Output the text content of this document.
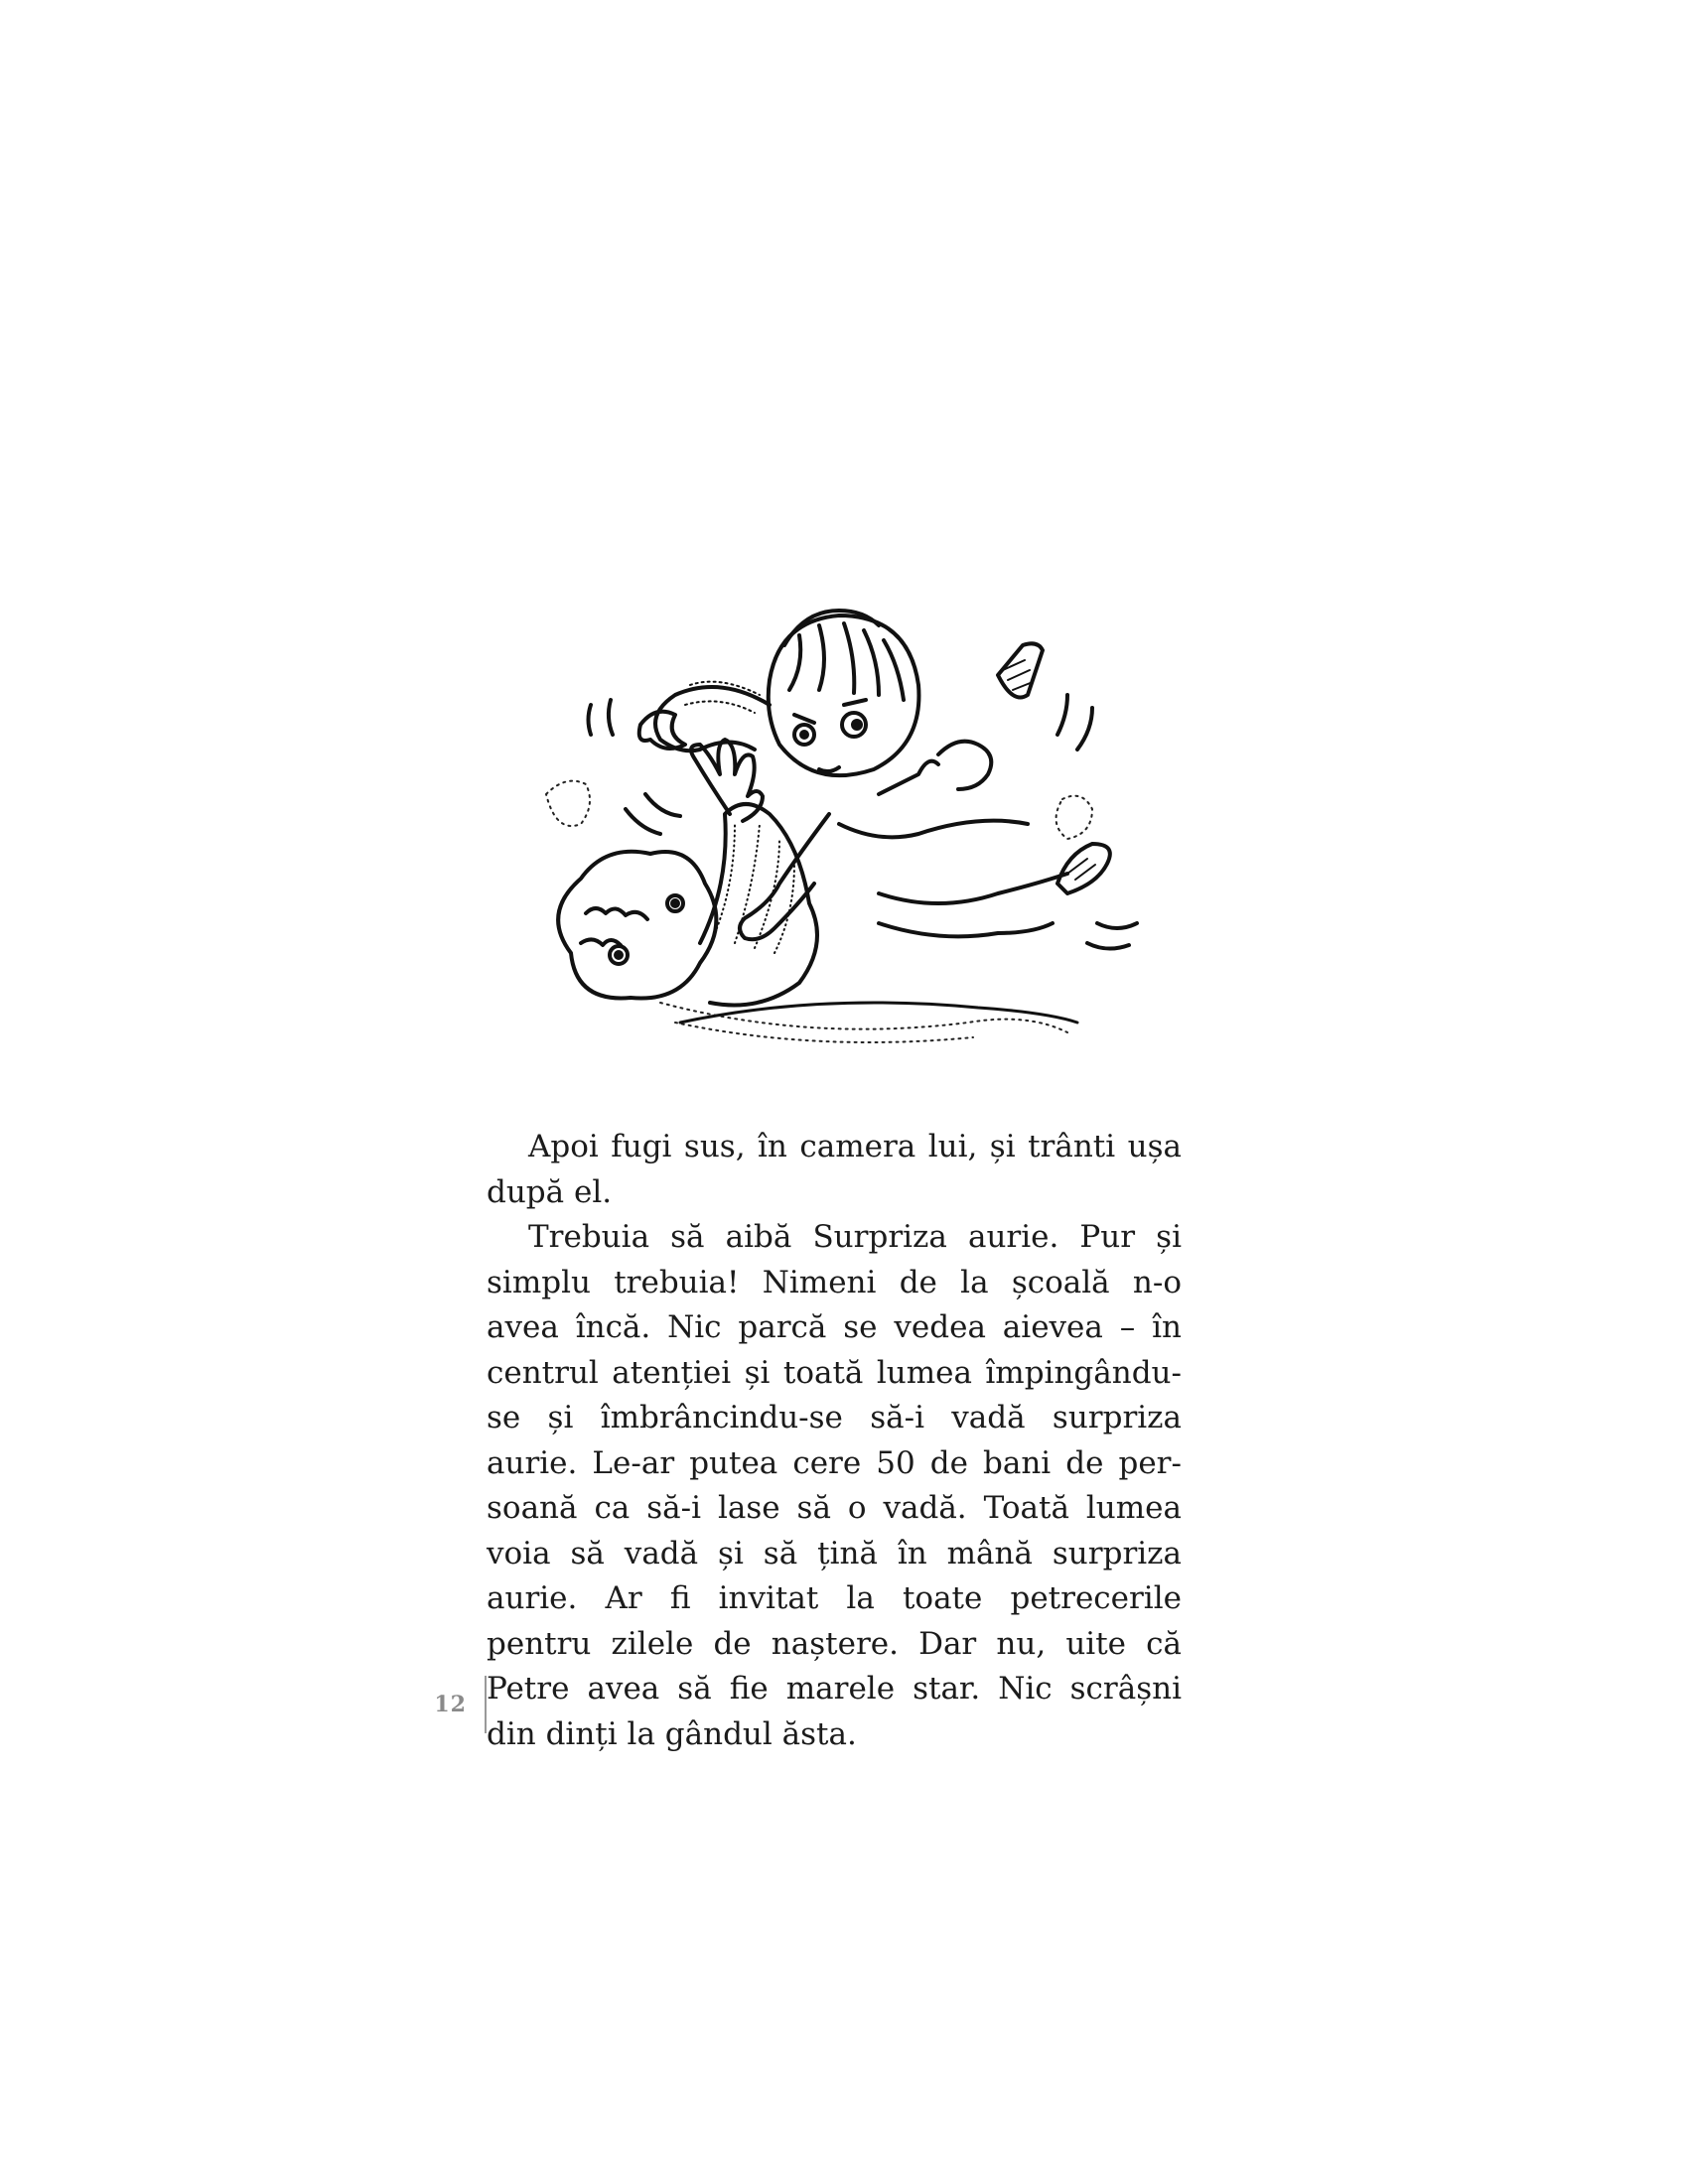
Apoi fugi sus, în camera lui, și trânti ușa după el.

Trebuia să aibă Surpriza aurie. Pur și simplu trebuia! Nimeni de la școală n-o avea încă. Nic parcă se vedea aievea – în centrul atenției și toată lumea împingându-se și îmbrâncindu-se să-i vadă surpriza aurie. Le-ar putea cere 50 de bani de persoană ca să-i lase să o vadă. Toată lumea voia să vadă și să țină în mână surpriza aurie. Ar fi invitat la toate petrecerile pentru zilele de naștere. Dar nu, uite că Petre avea să fie marele star. Nic scrâșni din dinți la gândul ăsta.

12
